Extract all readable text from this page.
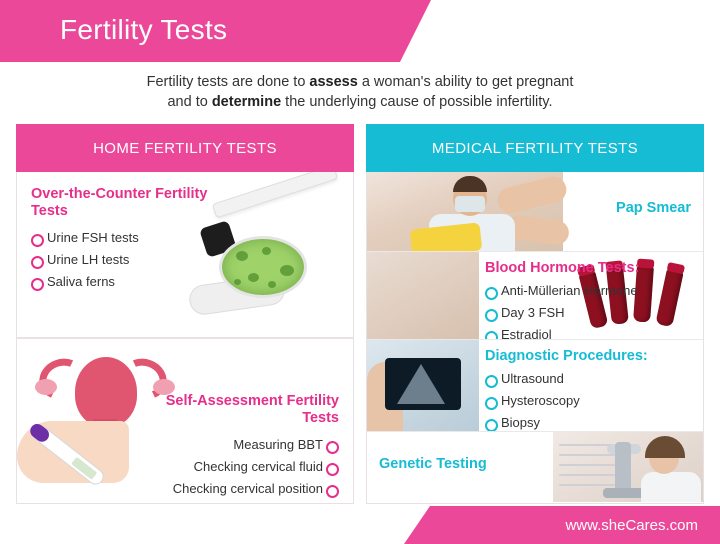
Fertility Tests
Fertility tests are done to assess a woman's ability to get pregnant
and to determine the underlying cause of possible infertility.
HOME FERTILITY TESTS
Over-the-Counter Fertility Tests
Urine FSH tests
Urine LH tests
Saliva ferns
Self-Assessment Fertility Tests
Measuring BBT
Checking cervical fluid
Checking cervical position
MEDICAL FERTILITY TESTS
Pap Smear
Blood Hormone Tests:
Anti-Müllerian Hormone
Day 3 FSH
Estradiol
Diagnostic Procedures:
Ultrasound
Hysteroscopy
Biopsy
Genetic Testing
www.sheCares.com
